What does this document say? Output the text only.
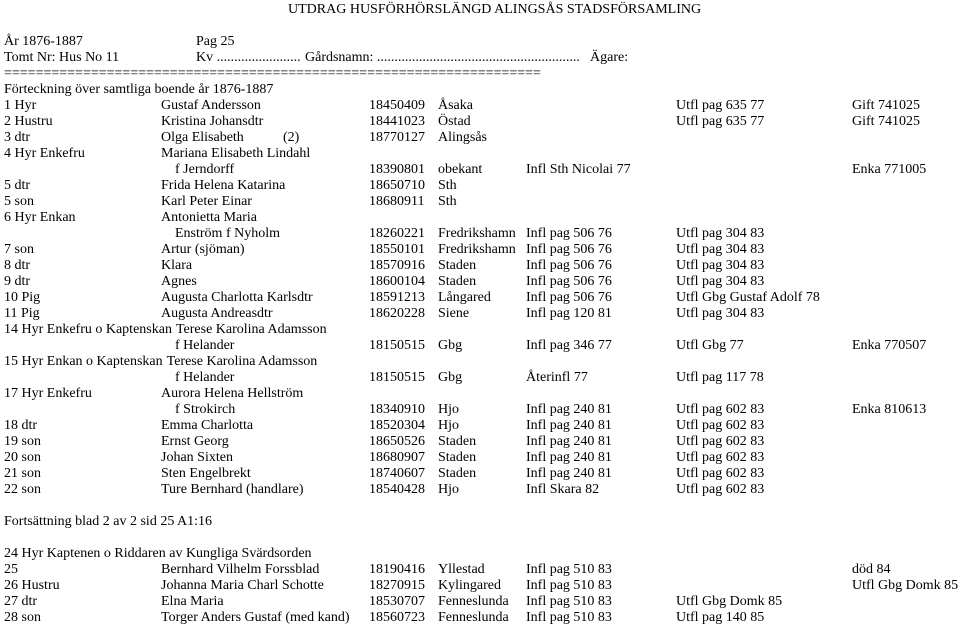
UTDRAG HUSFÖRHÖRSLÄNGD ALINGSÅS STADSFÖRSAMLING
År 1876-1887	Pag 25
Tomt Nr: Hus No 11	Kv ........................ Gårdsnamn: .......................................................... Ägare:
====================================================================
Förteckning över samtliga boende år 1876-1887
1 Hyr	Gustaf Andersson	18450409 Åsaka	Utfl pag 635 77	Gift 741025
2 Hustru	Kristina Johansdtr	18441023 Östad	Utfl pag 635 77	Gift 741025
3 dtr	Olga Elisabeth	(2)	18770127 Alingsås
4 Hyr Enkefru	Mariana Elisabeth Lindahl
f Jerndorff	18390801 obekant	Infl Sth Nicolai 77	Enka 771005
5 dtr	Frida Helena Katarina	18650710 Sth
5 son	Karl Peter Einar	18680911 Sth
6 Hyr Enkan	Antonietta Maria
Enström f Nyholm	18260221 Fredrikshamn Infl pag 506 76	Utfl pag 304 83
7 son	Artur (sjöman)	18550101 Fredrikshamn Infl pag 506 76	Utfl pag 304 83
8 dtr	Klara	18570916 Staden	Infl pag 506 76	Utfl pag 304 83
9 dtr	Agnes	18600104 Staden	Infl pag 506 76	Utfl pag 304 83
10 Pig	Augusta Charlotta Karlsdtr	18591213 Långared	Infl pag 506 76	Utfl Gbg Gustaf Adolf 78
11 Pig	Augusta Andreasdtr	18620228 Siene	Infl pag 120 81	Utfl pag 304 83
14 Hyr Enkefru o Kaptenskan Terese Karolina Adamsson
f Helander	18150515 Gbg	Infl pag 346 77	Utfl Gbg 77	Enka 770507
15 Hyr Enkan o Kaptenskan Terese Karolina Adamsson
f Helander	18150515 Gbg	Återinfl 77	Utfl pag 117 78
17 Hyr Enkefru	Aurora Helena Hellström
f Strokirch	18340910 Hjo	Infl pag 240 81	Utfl pag 602 83	Enka 810613
18 dtr	Emma Charlotta	18520304 Hjo	Infl pag 240 81	Utfl pag 602 83
19 son	Ernst Georg	18650526 Staden	Infl pag 240 81	Utfl pag 602 83
20 son	Johan Sixten	18680907 Staden	Infl pag 240 81	Utfl pag 602 83
21 son	Sten Engelbrekt	18740607 Staden	Infl pag 240 81	Utfl pag 602 83
22 son	Ture Bernhard (handlare)	18540428 Hjo	Infl Skara 82	Utfl pag 602 83
Fortsättning blad 2 av 2 sid 25 A1:16
24 Hyr Kaptenen o Riddaren av Kungliga Svärdsorden
25	Bernhard Vilhelm Forssblad	18190416 Yllestad	Infl pag 510 83	död 84
26 Hustru	Johanna Maria Charl Schotte	18270915 Kylingared Infl pag 510 83	Utfl Gbg Domk 85
27 dtr	Elna Maria	18530707 Fenneslunda Infl pag 510 83	Utfl Gbg Domk 85
28 son	Torger Anders Gustaf (med kand) 18560723 Fenneslunda Infl pag 510 83	Utfl pag 140 85
